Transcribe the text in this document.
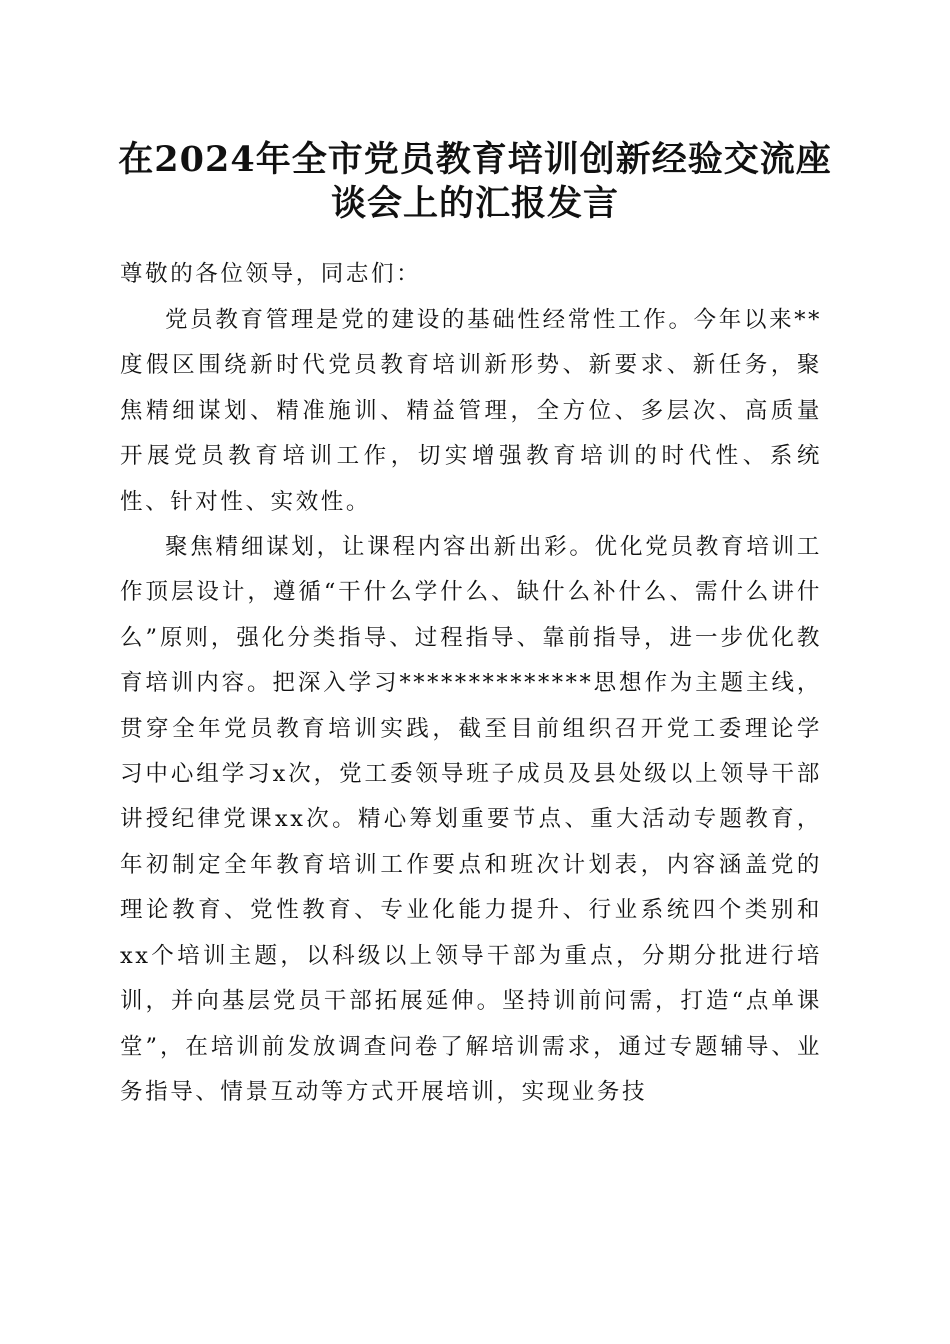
在2024年全市党员教育培训创新经验交流座
谈会上的汇报发言

尊敬的各位领导，同志们：

党员教育管理是党的建设的基础性经常性工作。今年以来**度假区围绕新时代党员教育培训新形势、新要求、新任务，聚焦精细谋划、精准施训、精益管理，全方位、多层次、高质量开展党员教育培训工作，切实增强教育培训的时代性、系统性、针对性、实效性。

聚焦精细谋划，让课程内容出新出彩。优化党员教育培训工作顶层设计，遵循“干什么学什么、缺什么补什么、需什么讲什么”原则，强化分类指导、过程指导、靠前指导，进一步优化教育培训内容。把深入学习**************思想作为主题主线，贯穿全年党员教育培训实践，截至目前组织召开党工委理论学习中心组学习x次，党工委领导班子成员及县处级以上领导干部讲授纪律党课xx次。精心筹划重要节点、重大活动专题教育，年初制定全年教育培训工作要点和班次计划表，内容涵盖党的理论教育、党性教育、专业化能力提升、行业系统四个类别和xx个培训主题，以科级以上领导干部为重点，分期分批进行培训，并向基层党员干部拓展延伸。坚持训前问需，打造“点单课堂”，在培训前发放调查问卷了解培训需求，通过专题辅导、业务指导、情景互动等方式开展培训，实现业务技
